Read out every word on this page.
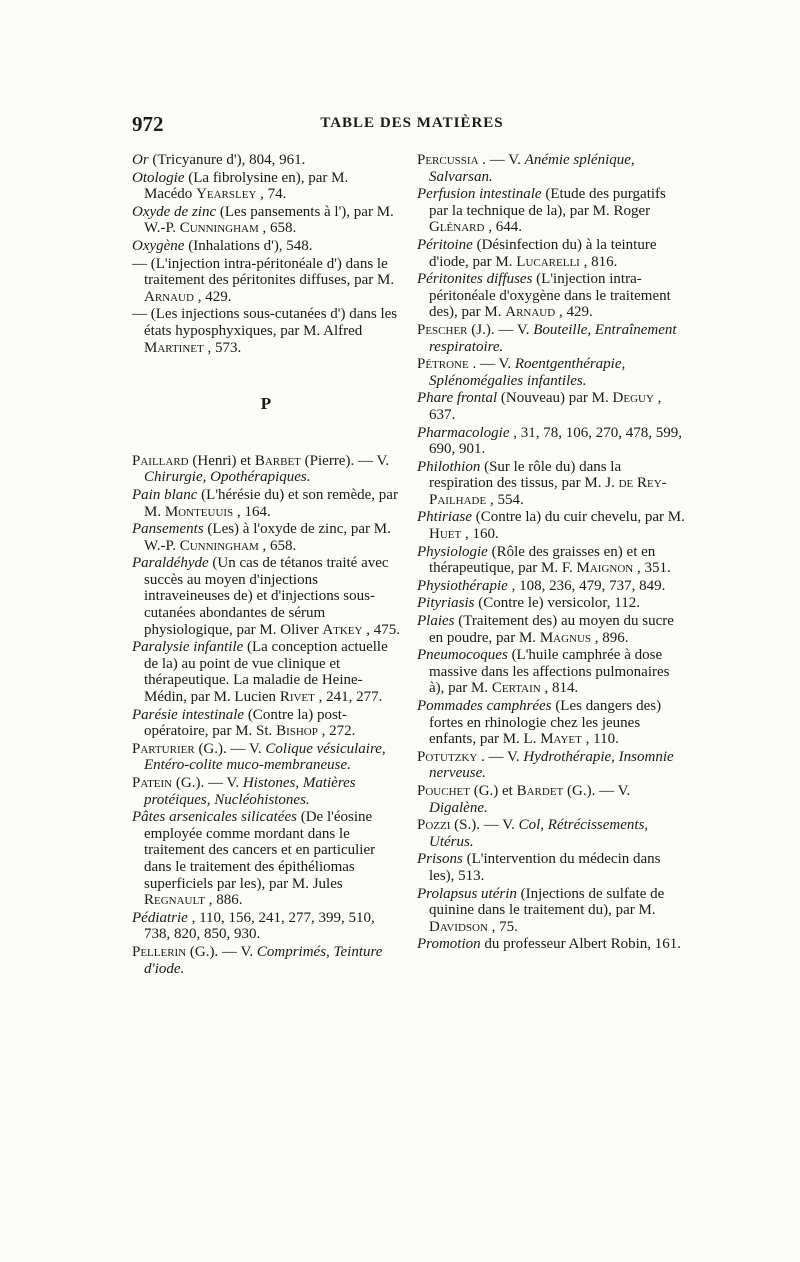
972	TABLE DES MATIÈRES
Or (Tricyanure d'), 804, 961.
Otologie (La fibrolysine en), par M. Macédo Yearsley , 74.
Oxyde de zinc (Les pansements à l'), par M. W.-P. Cunningham , 658.
Oxygène (Inhalations d'), 548.
— (L'injection intra-péritonéale d') dans le traitement des péritonites diffuses, par M. Arnaud , 429.
— (Les injections sous-cutanées d') dans les états hyposphyxiques, par M. Alfred Martinet , 573.
P
Paillard (Henri) et Barbet (Pierre). — V. Chirurgie, Opothérapiques.
Pain blanc (L'hérésie du) et son remède, par M. Monteuuis , 164.
Pansements (Les) à l'oxyde de zinc, par M. W.-P. Cunningham , 658.
Paraldéhyde (Un cas de tétanos traité avec succès au moyen d'injections intraveineuses de) et d'injections sous-cutanées abondantes de sérum physiologique, par M. Oliver Atkey , 475.
Paralysie infantile (La conception actuelle de la) au point de vue clinique et thérapeutique. La maladie de Heine-Médin, par M. Lucien Rivet , 241, 277.
Parésie intestinale (Contre la) post-opératoire, par M. St. Bishop , 272.
Parturier (G.). — V. Colique vésiculaire, Entéro-colite muco-membraneuse.
Patein (G.). — V. Histones, Matières protéiques, Nucléohistones.
Pâtes arsenicales silicatées (De l'éosine employée comme mordant dans le traitement des cancers et en particulier dans le traitement des épithéliomas superficiels par les), par M. Jules Regnault , 886.
Pédiatrie , 110, 156, 241, 277, 399, 510, 738, 820, 850, 930.
Pellerin (G.). — V. Comprimés, Teinture d'iode.
Percussia . — V. Anémie splénique, Salvarsan.
Perfusion intestinale (Etude des purgatifs par la technique de la), par M. Roger Glénard , 644.
Péritoine (Désinfection du) à la teinture d'iode, par M. Lucarelli , 816.
Péritonites diffuses (L'injection intra-péritonéale d'oxygène dans le traitement des), par M. Arnaud , 429.
Pescher (J.). — V. Bouteille, Entraînement respiratoire.
Pétrone . — V. Roentgenthérapie, Splénomégalies infantiles.
Phare frontal (Nouveau) par M. Deguy , 637.
Pharmacologie , 31, 78, 106, 270, 478, 599, 690, 901.
Philothion (Sur le rôle du) dans la respiration des tissus, par M. J. de Rey-Pailhade , 554.
Phtiriase (Contre la) du cuir chevelu, par M. Huet , 160.
Physiologie (Rôle des graisses en) et en thérapeutique, par M. F. Maignon , 351.
Physiothérapie , 108, 236, 479, 737, 849.
Pityriasis (Contre le) versicolor, 112.
Plaies (Traitement des) au moyen du sucre en poudre, par M. Magnus , 896.
Pneumocoques (L'huile camphrée à dose massive dans les affections pulmonaires à), par M. Certain , 814.
Pommades camphrées (Les dangers des) fortes en rhinologie chez les jeunes enfants, par M. L. Mayet , 110.
Potutzky . — V. Hydrothérapie, Insomnie nerveuse.
Pouchet (G.) et Bardet (G.). — V. Digalène.
Pozzi (S.). — V. Col, Rétrécissements, Utérus.
Prisons (L'intervention du médecin dans les), 513.
Prolapsus utérin (Injections de sulfate de quinine dans le traitement du), par M. Davidson , 75.
Promotion du professeur Albert Robin, 161.
